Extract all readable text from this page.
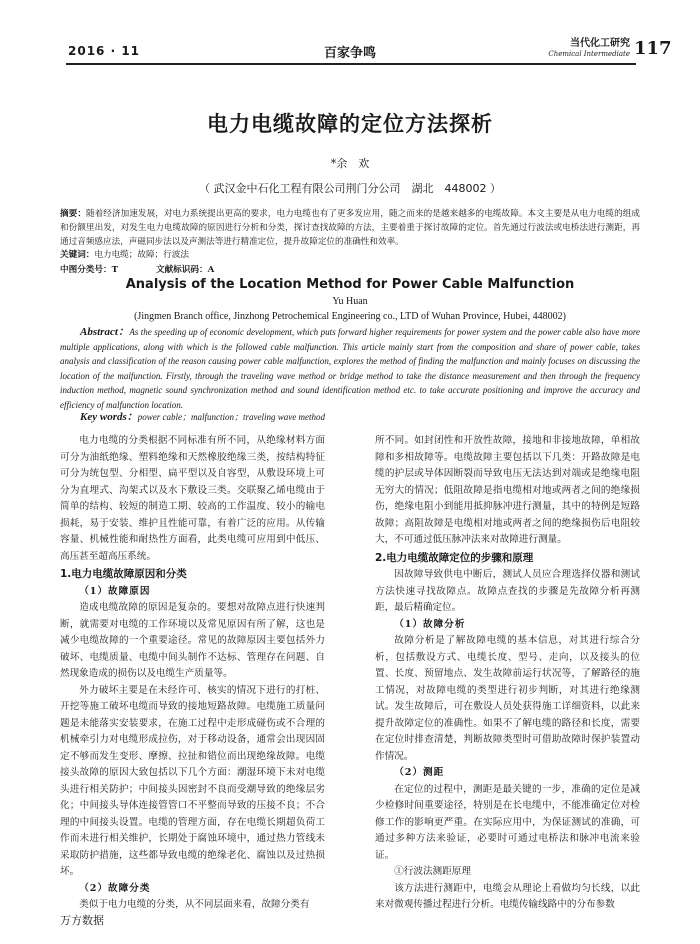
2016 · 11	百家争鸣
当代化工研究
Chemical Intermediate 117
电力电缆故障的定位方法探析
*余　欢
（ 武汉金中石化工程有限公司荆门分公司　湖北　448002 ）
摘要：随着经济加速发展，对电力系统提出更高的要求，电力电缆也有了更多发应用，随之而来的是越来越多的电缆故障。本文主要是从电力电缆的组成和份额里出发，对发生电力电缆故障的原因进行分析和分类，探讨查找故障的方法，主要着重于探讨故障的定位。首先通过行波法或电桥法进行测距，再通过音频感应法，声磁同步法以及声测法等进行精准定位，提升故障定位的准确性和效率。
关键词：电力电缆；故障；行波法
中图分类号：T	文献标识码：A
Analysis of the Location Method for Power Cable Malfunction
Yu Huan
(Jingmen Branch office, Jinzhong Petrochemical Engineering co., LTD of Wuhan Province, Hubei, 448002)
Abstract：As the speeding up of economic development, which puts forward higher requirements for power system and the power cable also have more multiple applications, along with which is the followed cable malfunction. This article mainly start from the composition and share of power cable, takes analysis and classification of the reason causing power cable malfunction, explores the method of finding the malfunction and mainly focuses on discussing the location of the malfunction. Firstly, through the traveling wave method or bridge method to take the distance measurement and then through the frequency induction method, magnetic sound synchronization method and sound identification method etc. to take accurate positioning and improve the accuracy and efficiency of malfunction location.
Key words：power cable；malfunction；traveling wave method

电力电缆的分类根据不同标准有所不同，从绝缘材料方面可分为油纸绝缘、塑料绝缘和天然橡胶绝缘三类，按结构特征可分为统包型、分相型、扁平型以及自容型，从敷设环境上可分为直埋式、沟架式以及水下敷设三类。交联聚乙烯电缆由于简单的结构、较短的制造工期、较高的工作温度、较小的输电损耗，易于安装、维护且性能可靠，有着广泛的应用。从传输容量、机械性能和耐热性方面看，此类电缆可应用到中低压、高压甚至超高压系统。

1.电力电缆故障原因和分类

（1）故障原因

造成电缆故障的原因是复杂的。要想对故障点进行快速判断，就需要对电缆的工作环境以及常见原因有所了解，这也是减少电缆故障的一个重要途径。常见的故障原因主要包括外力破坏、电缆质量、电缆中间头制作不达标、管理存在问题、自然现象造成的损伤以及电缆生产质量等。

外力破坏主要是在未经许可、核实的情况下进行的打桩、开挖等施工破坏电缆而导致的接地短路故障。电缆施工质量问题是未能落实安装要求，在施工过程中走形成碰伤或不合理的机械牵引力对电缆形成拉伤，对于移动设备，通常会出现因固定不够而发生变形、摩擦、拉扯和错位而出现绝缘故障。电缆接头故障的原因大致包括以下几个方面：潮湿环境下未对电缆头进行相关防护；中间接头因密封不良而受潮导致的绝缘层劣化；中间接头导体连接管管口不平整而导致的压接不良；不合理的中间接头设置。电缆的管理方面，存在电缆长期超负荷工作而未进行相关维护，长期处于腐蚀环境中，通过热力管线未采取防护措施，这些都导致电缆的绝缘老化、腐蚀以及过热损坏。

（2）故障分类

类似于电力电缆的分类，从不同层面来看，故障分类有

所不同。如封闭性和开放性故障，接地和非接地故障，单相故障和多相故障等。电缆故障主要包括以下几类：开路故障是电缆的护层或导体因断裂而导致电压无法达到对端或是绝缘电阻无穷大的情况；低阻故障是指电缆相对地或两者之间的绝缘损伤，绝缘电阻小到能用抵抑脉冲进行测量，其中的特例是短路故障；高阻故障是电缆相对地或两者之间的绝缘损伤后电阻较大，不可通过低压脉冲法来对故障进行测量。

2.电力电缆故障定位的步骤和原理

因故障导致供电中断后，测试人员应合理选择仪器和测试方法快速寻找故障点。故障点查找的步骤是先故障分析再测距，最后精确定位。

（1）故障分析

故障分析是了解故障电缆的基本信息，对其进行综合分析，包括敷设方式、电缆长度、型号、走向，以及接头的位置、长度、预留地点、发生故障前运行状况等，了解路径的施工情况，对故障电缆的类型进行初步判断，对其进行绝缘测试。发生故障后，可在敷设人员处获得施工详细资料，以此来提升故障定位的准确性。如果不了解电缆的路径和长度，需要在定位时排查清楚，判断故障类型时可借助故障时保护装置动作情况。

（2）测距

在定位的过程中，测距是最关键的一步，准确的定位是减少检修时间重要途径，特别是在长电缆中，不能准确定位对检修工作的影响更严重。在实际应用中，为保证测试的准确，可通过多种方法来验证，必要时可通过电桥法和脉冲电流来验证。

①行波法测距原理

该方法进行测距中，电缆会从理论上看做均匀长线，以此来对微观传播过程进行分析。电缆传输线路中的分布参数

万方数据
